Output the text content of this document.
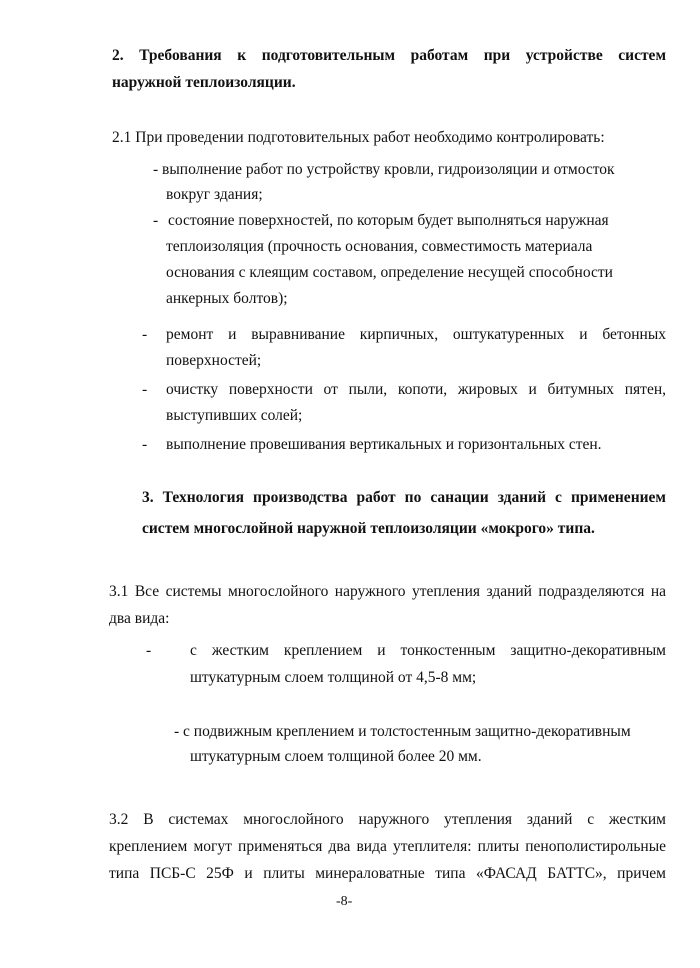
2. Требования к подготовительным работам при устройстве систем
наружной теплоизоляции.
2.1 При проведении подготовительных работ необходимо контролировать:
- выполнение работ по устройству кровли, гидроизоляции и отмосток
вокруг здания;
- состояние поверхностей, по которым будет выполняться наружная
теплоизоляция (прочность основания, совместимость материала
основания с клеящим составом, определение несущей способности
анкерных болтов);
- ремонт и выравнивание кирпичных, оштукатуренных и бетонных
поверхностей;
- очистку поверхности от пыли, копоти, жировых и битумных пятен,
выступивших солей;
- выполнение провешивания вертикальных и горизонтальных стен.
3. Технология производства работ по санации зданий с применением
систем многослойной наружной теплоизоляции «мокрого» типа.
3.1 Все системы многослойного наружного утепления зданий подразделяются на
два вида:
-	с жестким креплением и тонкостенным защитно-декоративным
штукатурным слоем толщиной от 4,5-8 мм;
- с подвижным креплением и толстостенным защитно-декоративным
штукатурным слоем толщиной более 20 мм.
3.2 В системах многослойного наружного утепления зданий с жестким
креплением могут применяться два вида утеплителя: плиты пенополистирольные
типа ПСБ-С 25Ф и плиты минераловатные типа «ФАСАД БАТТС», причем
-8-
